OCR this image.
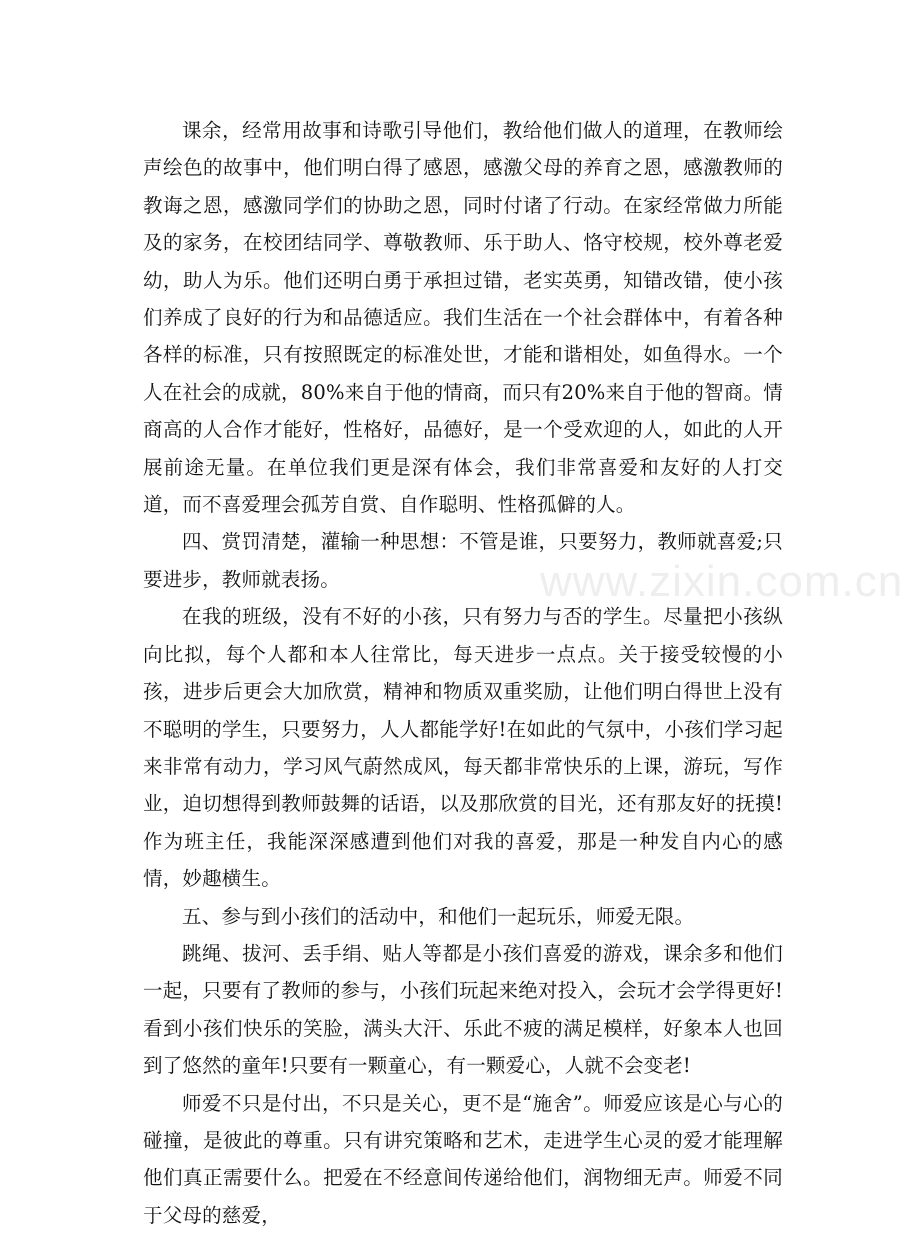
课余，经常用故事和诗歌引导他们，教给他们做人的道理，在教师绘声绘色的故事中，他们明白得了感恩，感激父母的养育之恩，感激教师的教诲之恩，感激同学们的协助之恩，同时付诸了行动。在家经常做力所能及的家务，在校团结同学、尊敬教师、乐于助人、恪守校规，校外尊老爱幼，助人为乐。他们还明白勇于承担过错，老实英勇，知错改错，使小孩们养成了良好的行为和品德适应。我们生活在一个社会群体中，有着各种各样的标准，只有按照既定的标准处世，才能和谐相处，如鱼得水。一个人在社会的成就，80%来自于他的情商，而只有20%来自于他的智商。情商高的人合作才能好，性格好，品德好，是一个受欢迎的人，如此的人开展前途无量。在单位我们更是深有体会，我们非常喜爱和友好的人打交道，而不喜爱理会孤芳自赏、自作聪明、性格孤僻的人。

四、赏罚清楚，灌输一种思想：不管是谁，只要努力，教师就喜爱;只要进步，教师就表扬。

在我的班级，没有不好的小孩，只有努力与否的学生。尽量把小孩纵向比拟，每个人都和本人往常比，每天进步一点点。关于接受较慢的小孩，进步后更会大加欣赏，精神和物质双重奖励，让他们明白得世上没有不聪明的学生，只要努力，人人都能学好!在如此的气氛中，小孩们学习起来非常有动力，学习风气蔚然成风，每天都非常快乐的上课，游玩，写作业，迫切想得到教师鼓舞的话语，以及那欣赏的目光，还有那友好的抚摸!作为班主任，我能深深感遭到他们对我的喜爱，那是一种发自内心的感情，妙趣横生。

五、参与到小孩们的活动中，和他们一起玩乐，师爱无限。

跳绳、拔河、丢手绢、贴人等都是小孩们喜爱的游戏，课余多和他们一起，只要有了教师的参与，小孩们玩起来绝对投入，会玩才会学得更好!看到小孩们快乐的笑脸，满头大汗、乐此不疲的满足模样，好象本人也回到了悠然的童年!只要有一颗童心，有一颗爱心，人就不会变老!

师爱不只是付出，不只是关心，更不是“施舍”。师爱应该是心与心的碰撞，是彼此的尊重。只有讲究策略和艺术，走进学生心灵的爱才能理解他们真正需要什么。把爱在不经意间传递给他们，润物细无声。师爱不同于父母的慈爱，

www.zixin.com.cn
